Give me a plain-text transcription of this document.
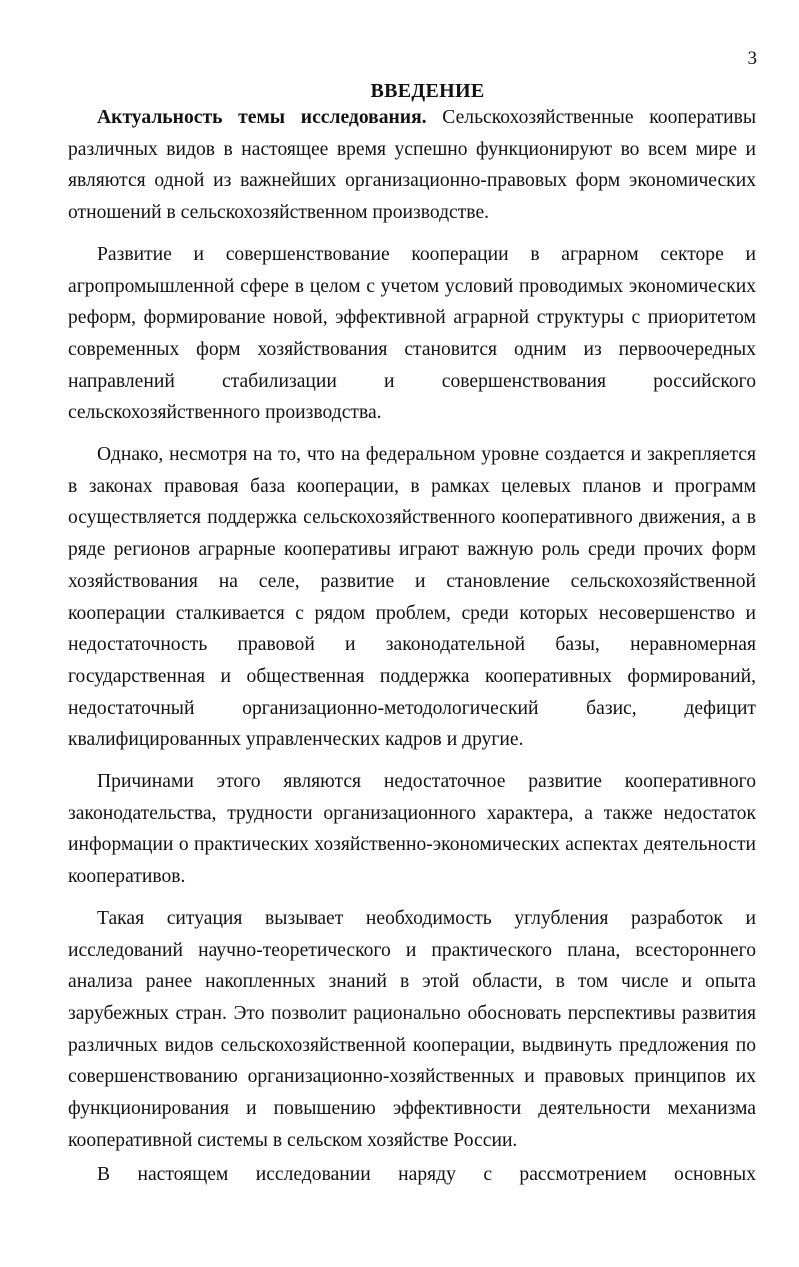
3
ВВЕДЕНИЕ

Актуальность темы исследования. Сельскохозяйственные кооперативы различных видов в настоящее время успешно функционируют во всем мире и являются одной из важнейших организационно-правовых форм экономических отношений в сельскохозяйственном производстве.

Развитие и совершенствование кооперации в аграрном секторе и агропромышленной сфере в целом с учетом условий проводимых экономических реформ, формирование новой, эффективной аграрной структуры с приоритетом современных форм хозяйствования становится одним из первоочередных направлений стабилизации и совершенствования российского сельскохозяйственного производства.

Однако, несмотря на то, что на федеральном уровне создается и закрепляется в законах правовая база кооперации, в рамках целевых планов и программ осуществляется поддержка сельскохозяйственного кооперативного движения, а в ряде регионов аграрные кооперативы играют важную роль среди прочих форм хозяйствования на селе, развитие и становление сельскохозяйственной кооперации сталкивается с рядом проблем, среди которых несовершенство и недостаточность правовой и законодательной базы, неравномерная государственная и общественная поддержка кооперативных формирований, недостаточный организационно-методологический базис, дефицит квалифицированных управленческих кадров и другие.

Причинами этого являются недостаточное развитие кооперативного законодательства, трудности организационного характера, а также недостаток информации о практических хозяйственно-экономических аспектах деятельности кооперативов.

Такая ситуация вызывает необходимость углубления разработок и исследований научно-теоретического и практического плана, всестороннего анализа ранее накопленных знаний в этой области, в том числе и опыта зарубежных стран. Это позволит рационально обосновать перспективы развития различных видов сельскохозяйственной кооперации, выдвинуть предложения по совершенствованию организационно-хозяйственных и правовых принципов их функционирования и повышению эффективности деятельности механизма кооперативной системы в сельском хозяйстве России.

В настоящем исследовании наряду с рассмотрением основных
